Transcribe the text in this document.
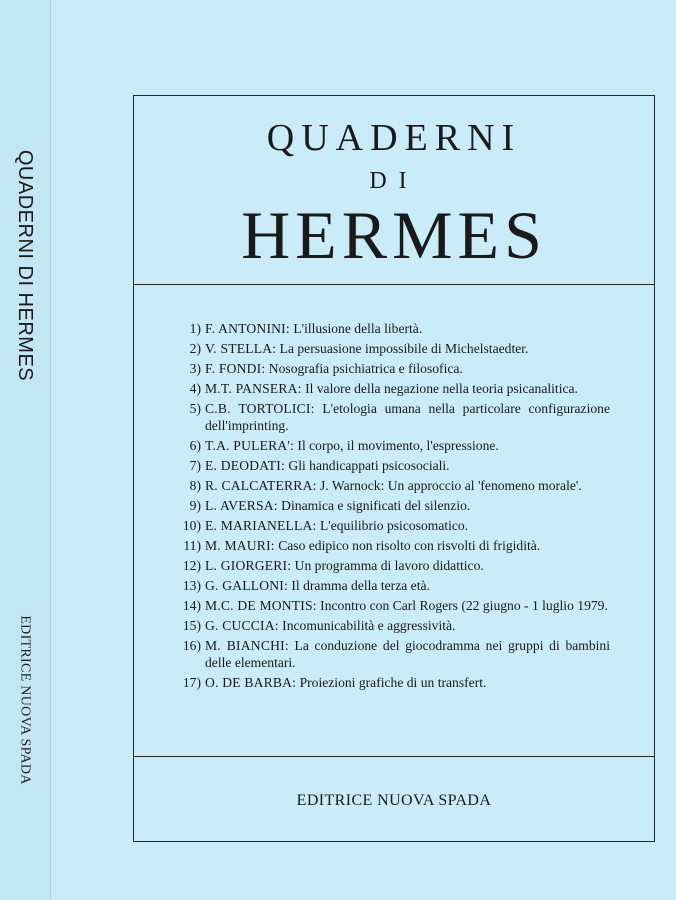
QUADERNI DI HERMES
EDITRICE NUOVA SPADA
QUADERNI
DI
HERMES
1) F. ANTONINI: L'illusione della libertà.
2) V. STELLA: La persuasione impossibile di Michelstaedter.
3) F. FONDI: Nosografia psichiatrica e filosofica.
4) M.T. PANSERA: Il valore della negazione nella teoria psicanalitica.
5) C.B. TORTOLICI: L'etologia umana nella particolare configurazione dell'imprinting.
6) T.A. PULERA': Il corpo, il movimento, l'espressione.
7) E. DEODATI: Gli handicappati psicosociali.
8) R. CALCATERRA: J. Warnock: Un approccio al 'fenomeno morale'.
9) L. AVERSA: Dinamica e significati del silenzio.
10) E. MARIANELLA: L'equilibrio psicosomatico.
11) M. MAURI: Caso edipico non risolto con risvolti di frigidità.
12) L. GIORGERI: Un programma di lavoro didattico.
13) G. GALLONI: Il dramma della terza età.
14) M.C. DE MONTIS: Incontro con Carl Rogers (22 giugno - 1 luglio 1979.
15) G. CUCCIA: Incomunicabilità e aggressività.
16) M. BIANCHI: La conduzione del giocodramma nei gruppi di bambini delle elementari.
17) O. DE BARBA: Proiezioni grafiche di un transfert.
EDITRICE NUOVA SPADA
